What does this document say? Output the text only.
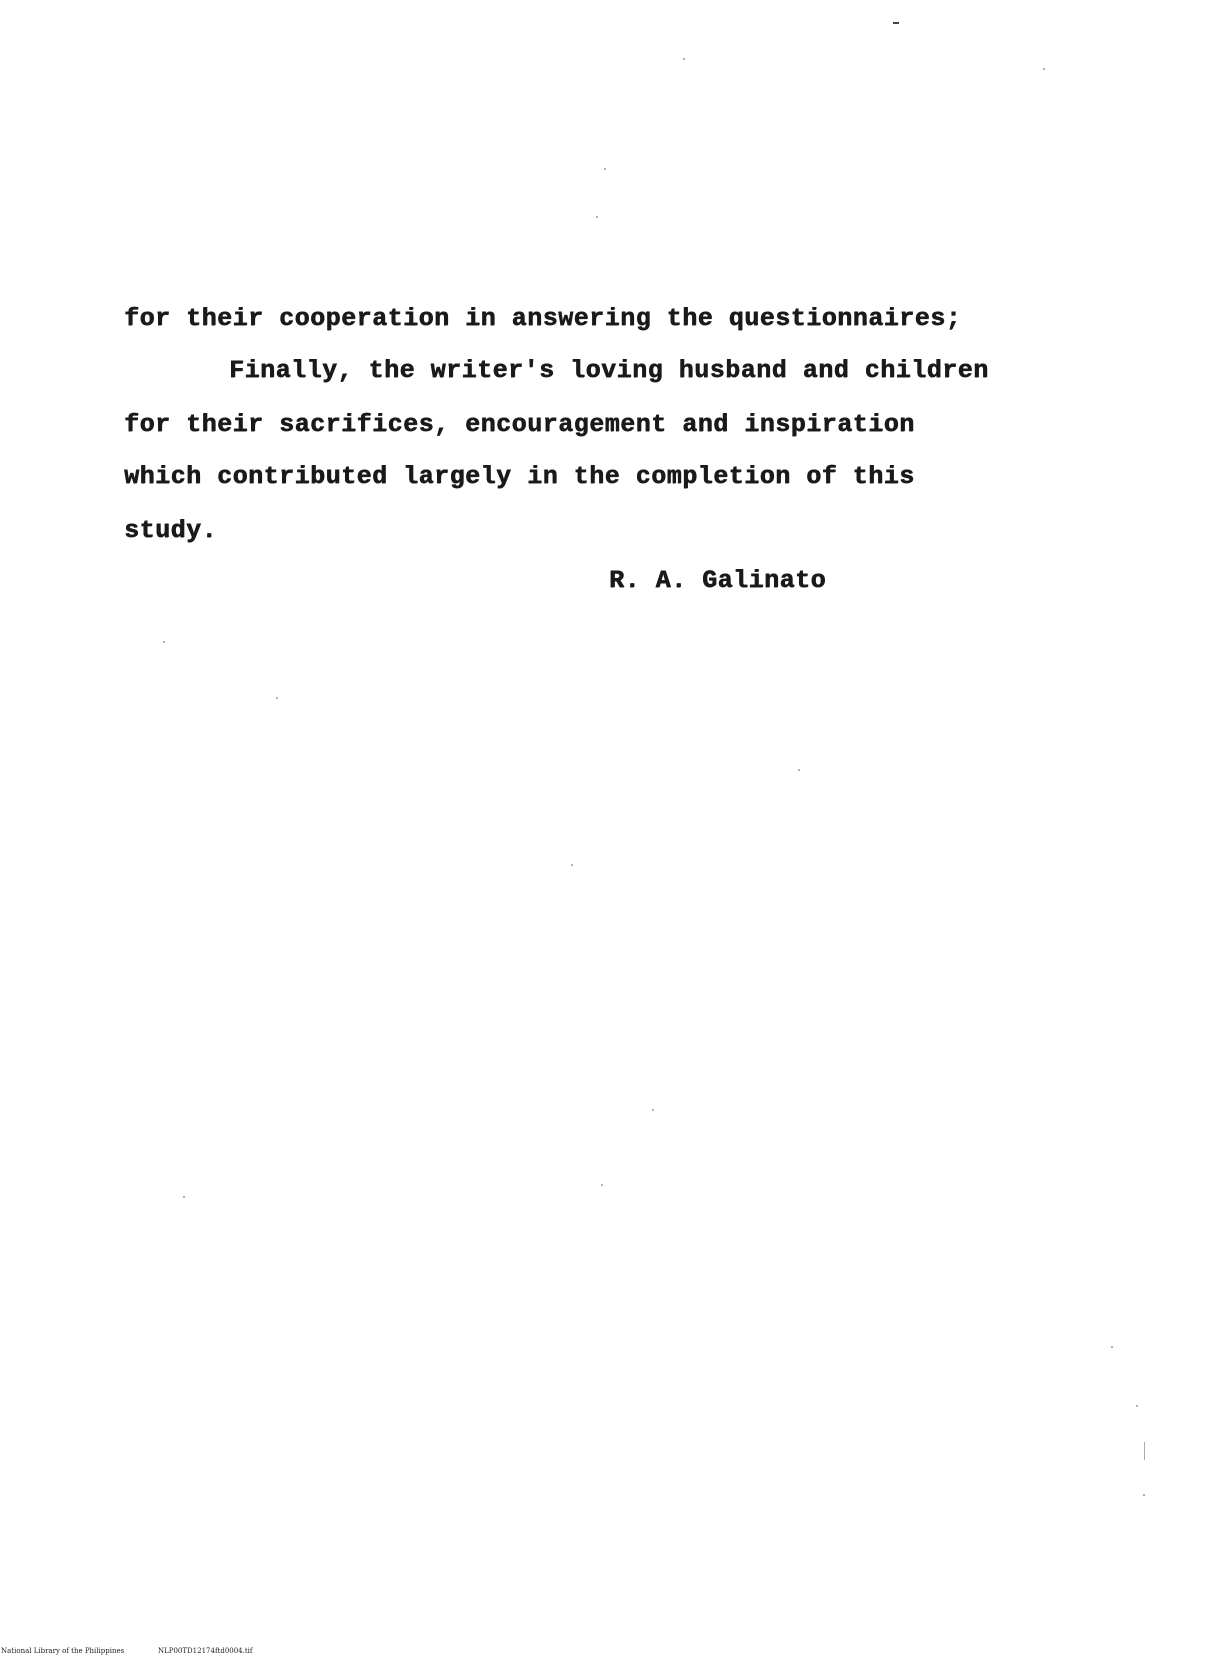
for their cooperation in answering the questionnaires;
Finally, the writer's loving husband and children
for their sacrifices, encouragement and inspiration
which contributed largely in the completion of this
study.
R. A. Galinato
National Library of the Philippines	NLP00TD12174ftd0004.tif
